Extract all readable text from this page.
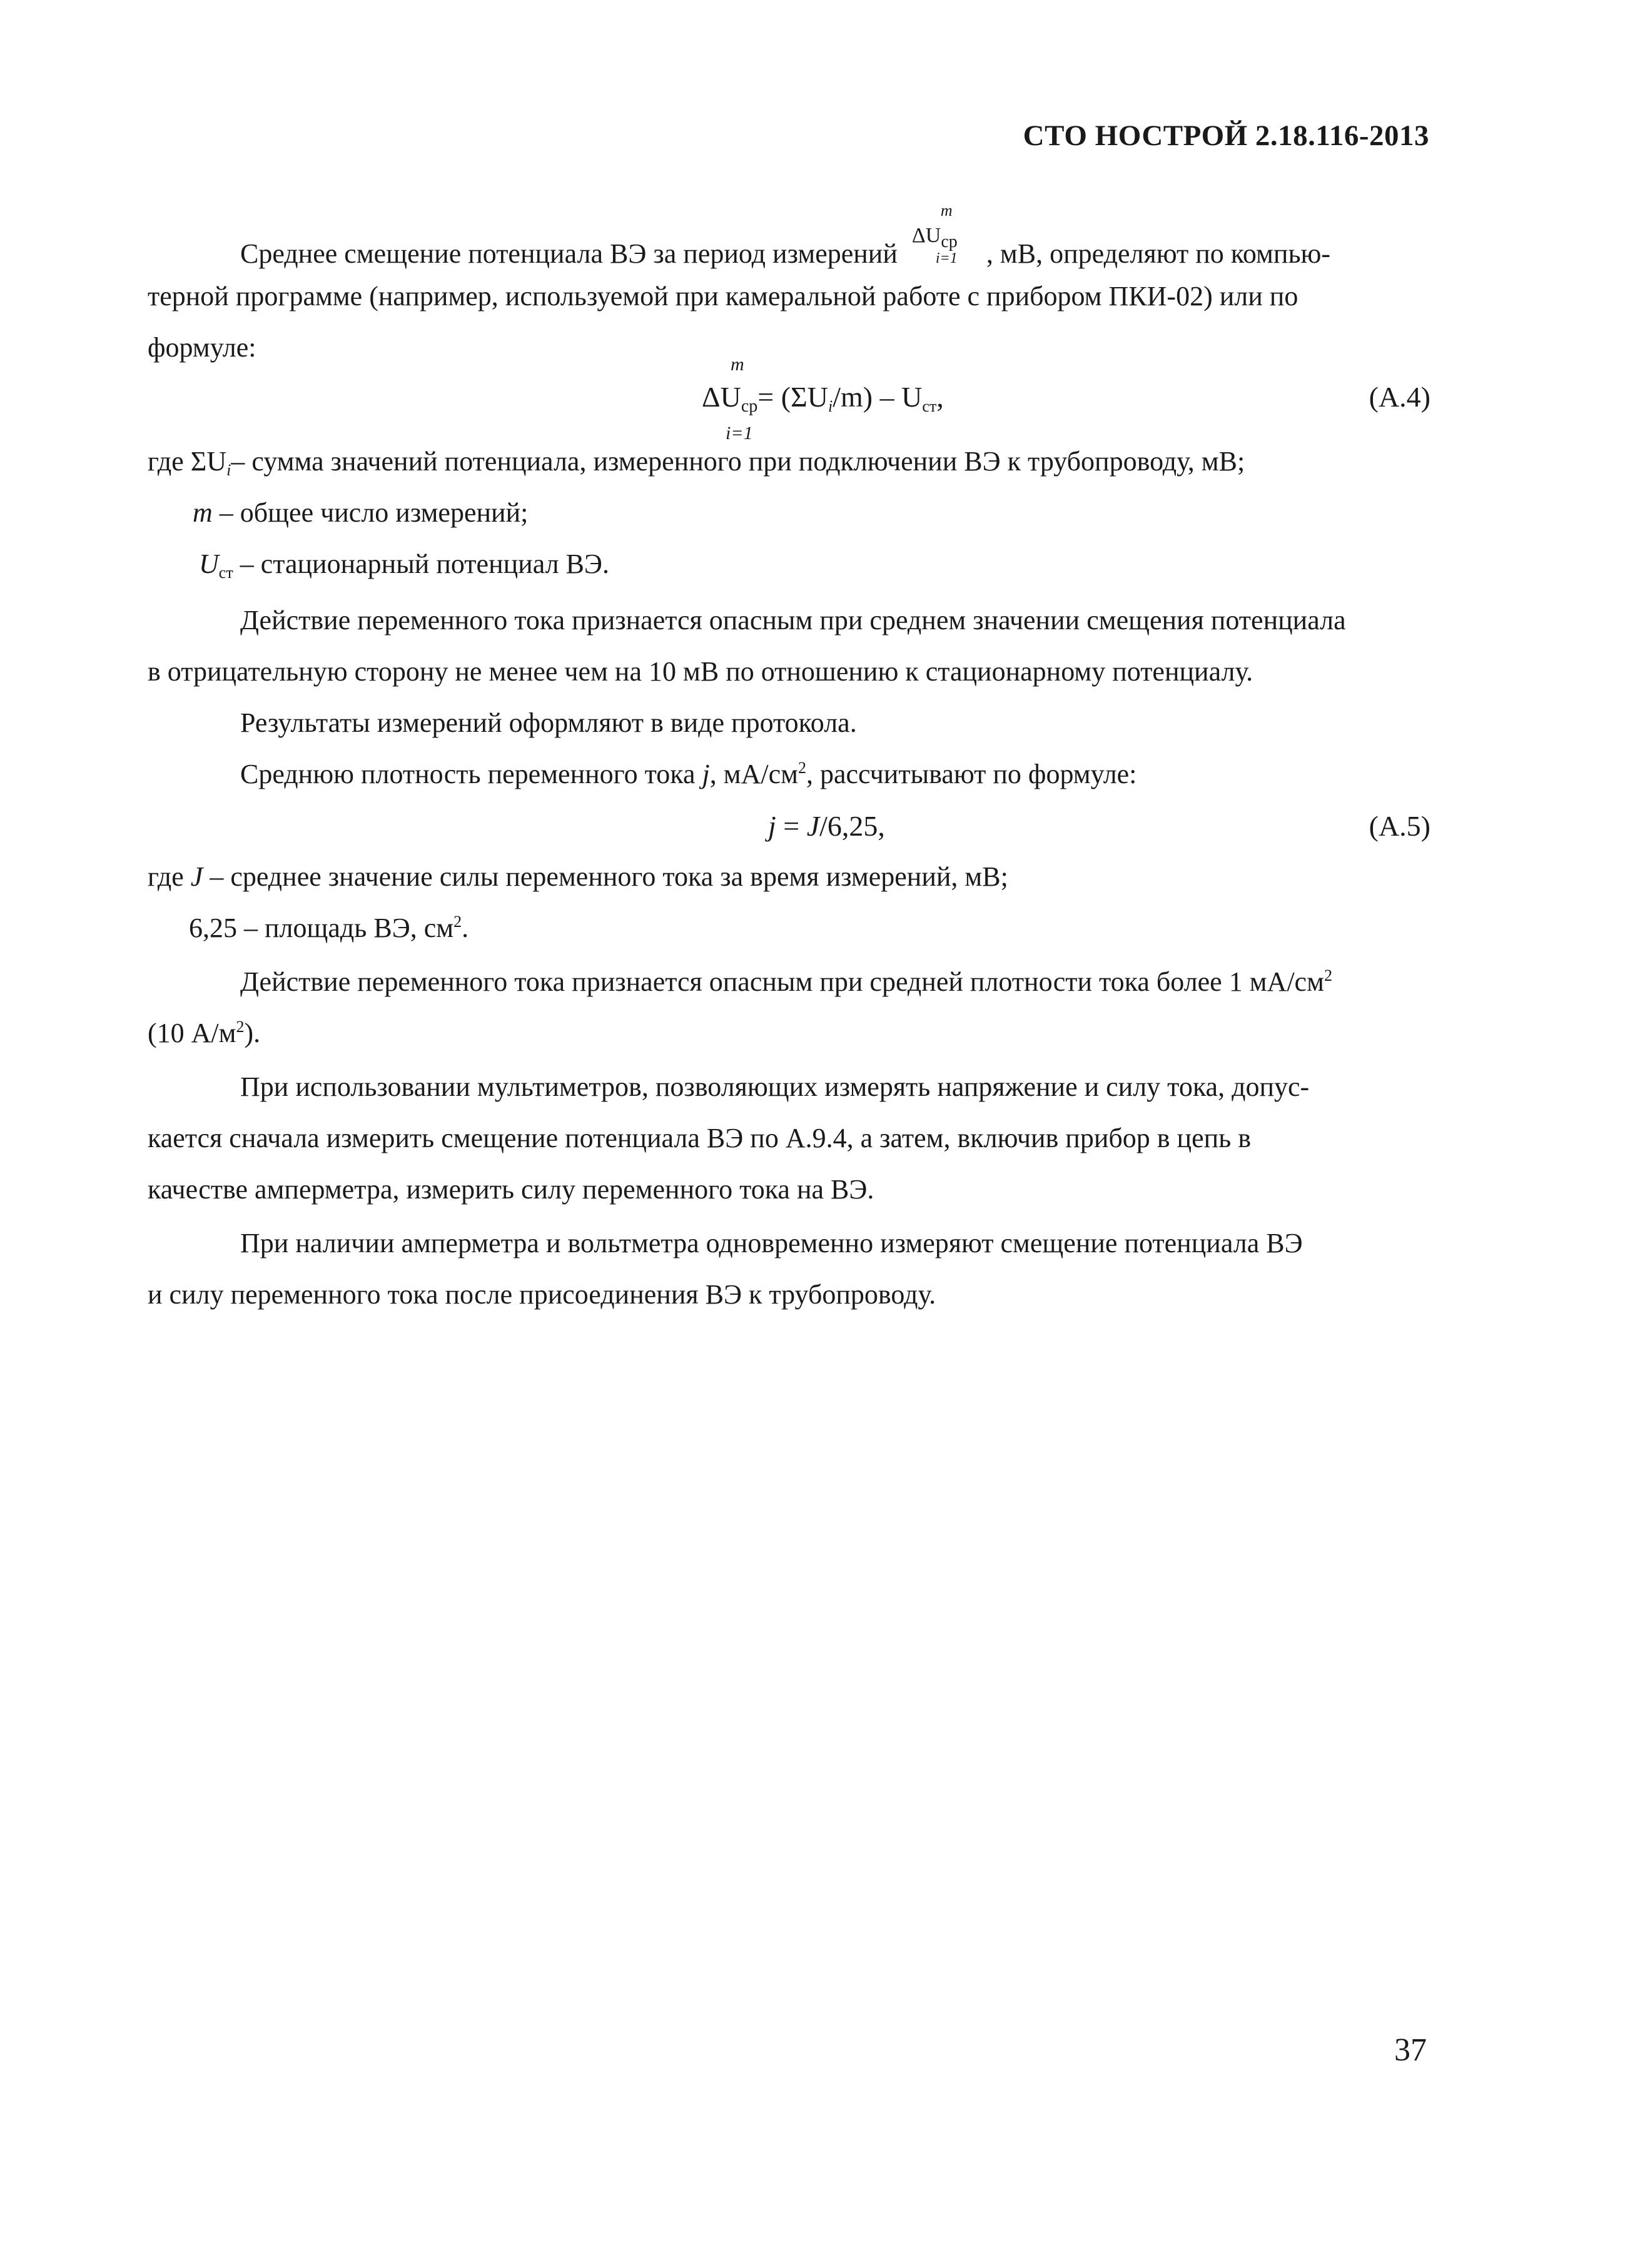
СТО НОСТРОЙ 2.18.116-2013
Среднее смещение потенциала ВЭ за период измерений
m
$\Delta U_{ср}$
i=1 , мВ, определяют по компью-
терной программе (например, используемой при камеральной работе с прибором ПКИ-02) или по
формуле:
m
$\Delta U_{ср}= (\Sigma U_i/m) - U_{ст}$,
i=1
(А.4)
где $\Sigma U_i-$ сумма значений потенциала, измеренного при подключении ВЭ к трубопроводу, мВ;
m – общее число измерений;
$U_{ст}$ – стационарный потенциал ВЭ.
Действие переменного тока признается опасным при среднем значении смещения потенциала
в отрицательную сторону не менее чем на 10 мВ по отношению к стационарному потенциалу.
Результаты измерений оформляют в виде протокола.
Среднюю плотность переменного тока j, $мА/см^2$, рассчитывают по формуле:
j = J/6,25,	(А.5)
где J – среднее значение силы переменного тока за время измерений, мВ;
6,25 – площадь ВЭ, $см^2$.
Действие переменного тока признается опасным при средней плотности тока более 1 $мА/см^2$
(10 $А/м^2$).
При использовании мультиметров, позволяющих измерять напряжение и силу тока, допус-
кается сначала измерить смещение потенциала ВЭ по А.9.4, а затем, включив прибор в цепь в
качестве амперметра, измерить силу переменного тока на ВЭ.
При наличии амперметра и вольтметра одновременно измеряют смещение потенциала ВЭ
и силу переменного тока после присоединения ВЭ к трубопроводу.
37
